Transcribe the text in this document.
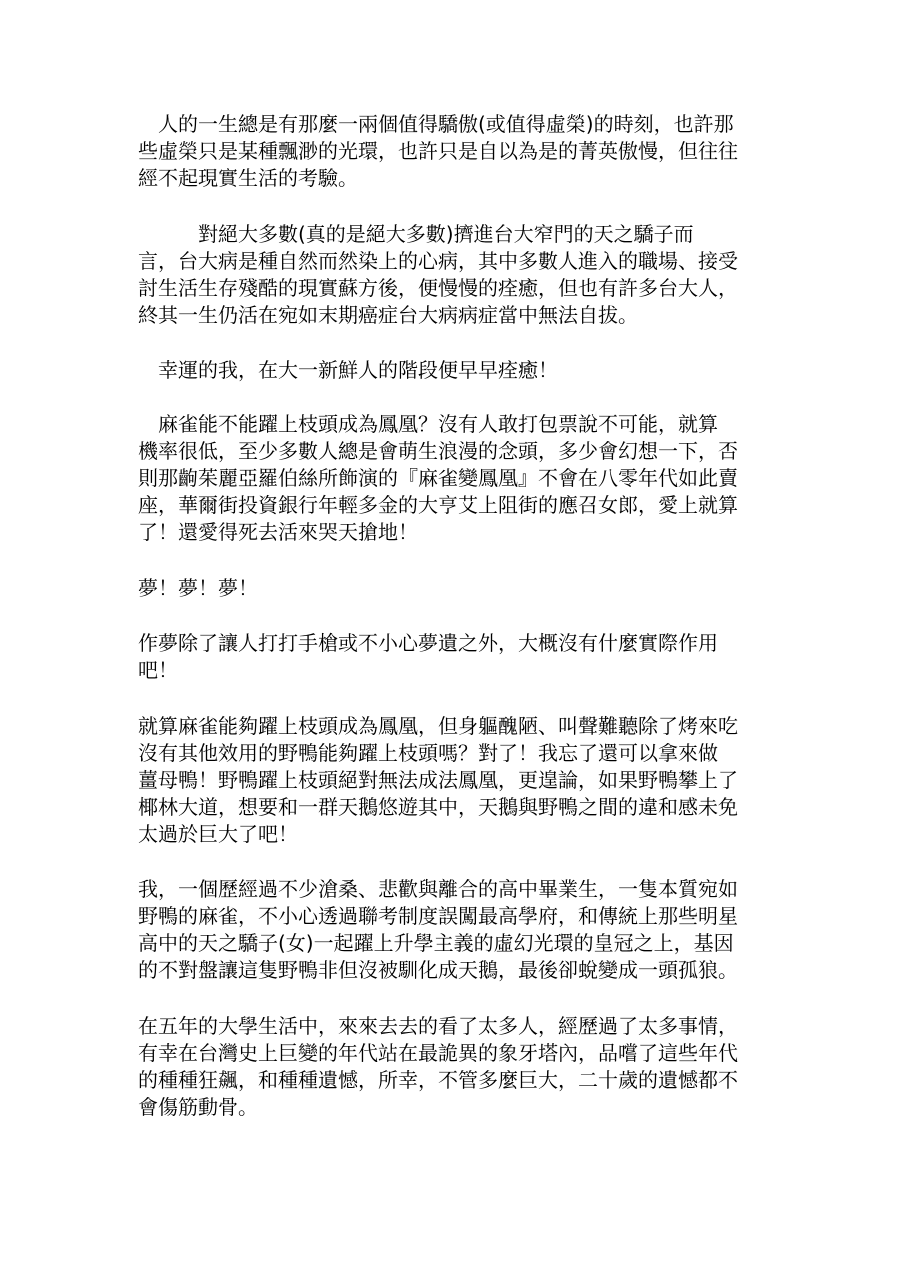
　人的一生總是有那麼一兩個值得驕傲(或值得虛榮)的時刻，也許那
些虛榮只是某種飄渺的光環，也許只是自以為是的菁英傲慢，但往往
經不起現實生活的考驗。
　　　對絕大多數(真的是絕大多數)擠進台大窄門的天之驕子而
言，台大病是種自然而然染上的心病，其中多數人進入的職場、接受
討生活生存殘酷的現實蘇方後，便慢慢的痊癒，但也有許多台大人，
終其一生仍活在宛如末期癌症台大病病症當中無法自拔。
　幸運的我，在大一新鮮人的階段便早早痊癒！
　麻雀能不能躍上枝頭成為鳳凰？沒有人敢打包票說不可能，就算
機率很低，至少多數人總是會萌生浪漫的念頭，多少會幻想一下，否
則那齣茱麗亞羅伯絲所飾演的『麻雀變鳳凰』不會在八零年代如此賣
座，華爾街投資銀行年輕多金的大亨艾上阻街的應召女郎，愛上就算
了！還愛得死去活來哭天搶地！
夢！夢！夢！
作夢除了讓人打打手槍或不小心夢遺之外，大概沒有什麼實際作用
吧！
就算麻雀能夠躍上枝頭成為鳳凰，但身軀醜陋、叫聲難聽除了烤來吃
沒有其他效用的野鴨能夠躍上枝頭嗎？對了！我忘了還可以拿來做
薑母鴨！野鴨躍上枝頭絕對無法成法鳳凰，更遑論，如果野鴨攀上了
椰林大道，想要和一群天鵝悠遊其中，天鵝與野鴨之間的違和感未免
太過於巨大了吧！
我，一個歷經過不少滄桑、悲歡與離合的高中畢業生，一隻本質宛如
野鴨的麻雀，不小心透過聯考制度誤闖最高學府，和傳統上那些明星
高中的天之驕子(女)一起躍上升學主義的虛幻光環的皇冠之上，基因
的不對盤讓這隻野鴨非但沒被馴化成天鵝，最後卻蛻變成一頭孤狼。
在五年的大學生活中，來來去去的看了太多人，經歷過了太多事情，
有幸在台灣史上巨變的年代站在最詭異的象牙塔內，品嚐了這些年代
的種種狂飆，和種種遺憾，所幸，不管多麼巨大，二十歲的遺憾都不
會傷筋動骨。
